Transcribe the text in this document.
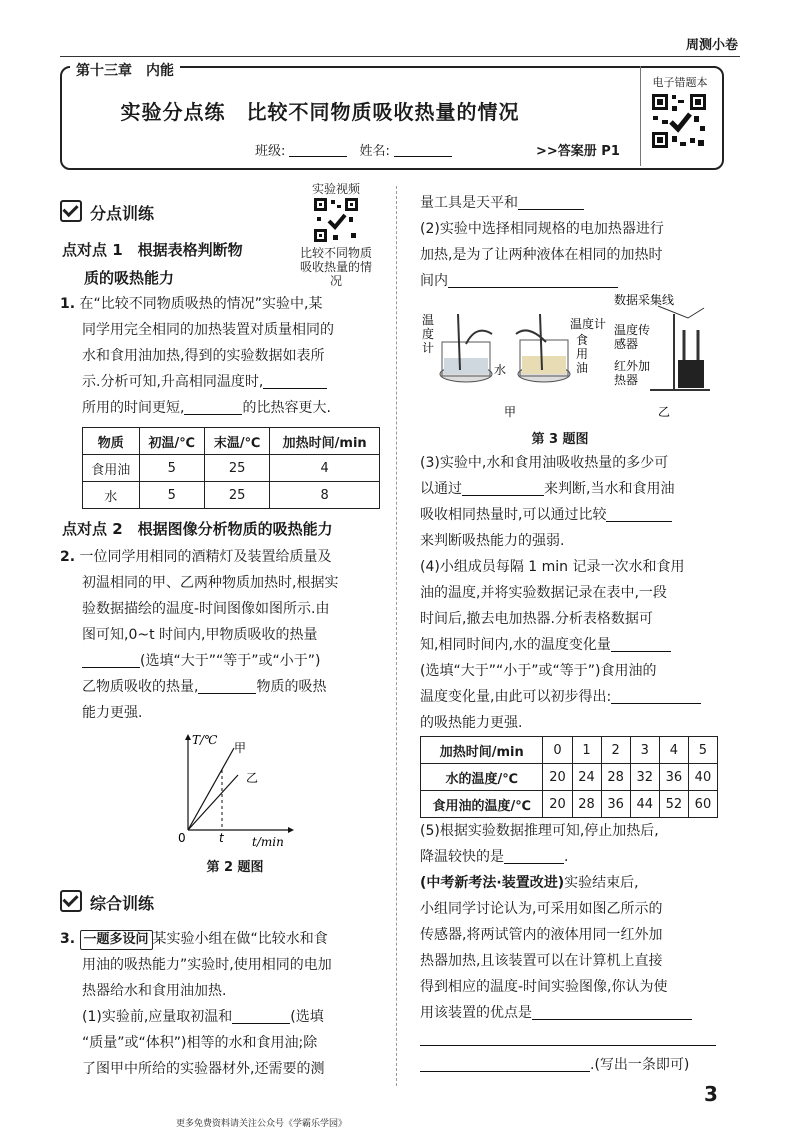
周测小卷
第十三章　内能
实验分点练　比较不同物质吸收热量的情况
班级:	姓名:	>>答案册 P1
电子错题本
分点训练
实验视频
比较不同物质
吸收热量的情况
点对点 1　根据表格判断物
质的吸热能力
1. 在“比较不同物质吸热的情况”实验中,某
同学用完全相同的加热装置对质量相同的
水和食用油加热,得到的实验数据如表所
示.分析可知,升高相同温度时,
所用的时间更短,	的比热容更大.
物质	初温/℃	末温/℃	加热时间/min
食用油	5	25	4
水	5	25	8
点对点 2　根据图像分析物质的吸热能力
2. 一位同学用相同的酒精灯及装置给质量及
初温相同的甲、乙两种物质加热时,根据实
验数据描绘的温度-时间图像如图所示.由
图可知,0~t 时间内,甲物质吸收的热量
(选填“大于”“等于”或“小于”)
乙物质吸收的热量,	物质的吸热
能力更强.
T/℃
t/min
0	t
甲
乙
第 2 题图
综合训练
3. 一题多设问 某实验小组在做“比较水和食
用油的吸热能力”实验时,使用相同的电加
热器给水和食用油加热.
(1)实验前,应量取初温和	(选填
“质量”或“体积”)相等的水和食用油;除
了图甲中所给的实验器材外,还需要的测
量工具是天平和
(2)实验中选择相同规格的电加热器进行
加热,是为了让两种液体在相同的加热时
间内
温度计
水
温度计
食用油
数据采集线
温度传感器
红外加热器
甲	乙
第 3 题图
(3)实验中,水和食用油吸收热量的多少可
以通过	来判断,当水和食用油
吸收相同热量时,可以通过比较
来判断吸热能力的强弱.
(4)小组成员每隔 1 min 记录一次水和食用
油的温度,并将实验数据记录在表中,一段
时间后,撤去电加热器.分析表格数据可
知,相同时间内,水的温度变化量
(选填“大于”“小于”或“等于”)食用油的
温度变化量,由此可以初步得出:
的吸热能力更强.
加热时间/min	0	1	2	3	4	5
水的温度/℃	20	24	28	32	36	40
食用油的温度/℃	20	28	36	44	52	60
(5)根据实验数据推理可知,停止加热后,
降温较快的是	.
(中考新考法·装置改进)实验结束后,
小组同学讨论认为,可采用如图乙所示的
传感器,将两试管内的液体用同一红外加
热器加热,且该装置可以在计算机上直接
得到相应的温度-时间实验图像,你认为使
用该装置的优点是
.(写出一条即可)
3
更多免费资料请关注公众号《学霸乐学园》
